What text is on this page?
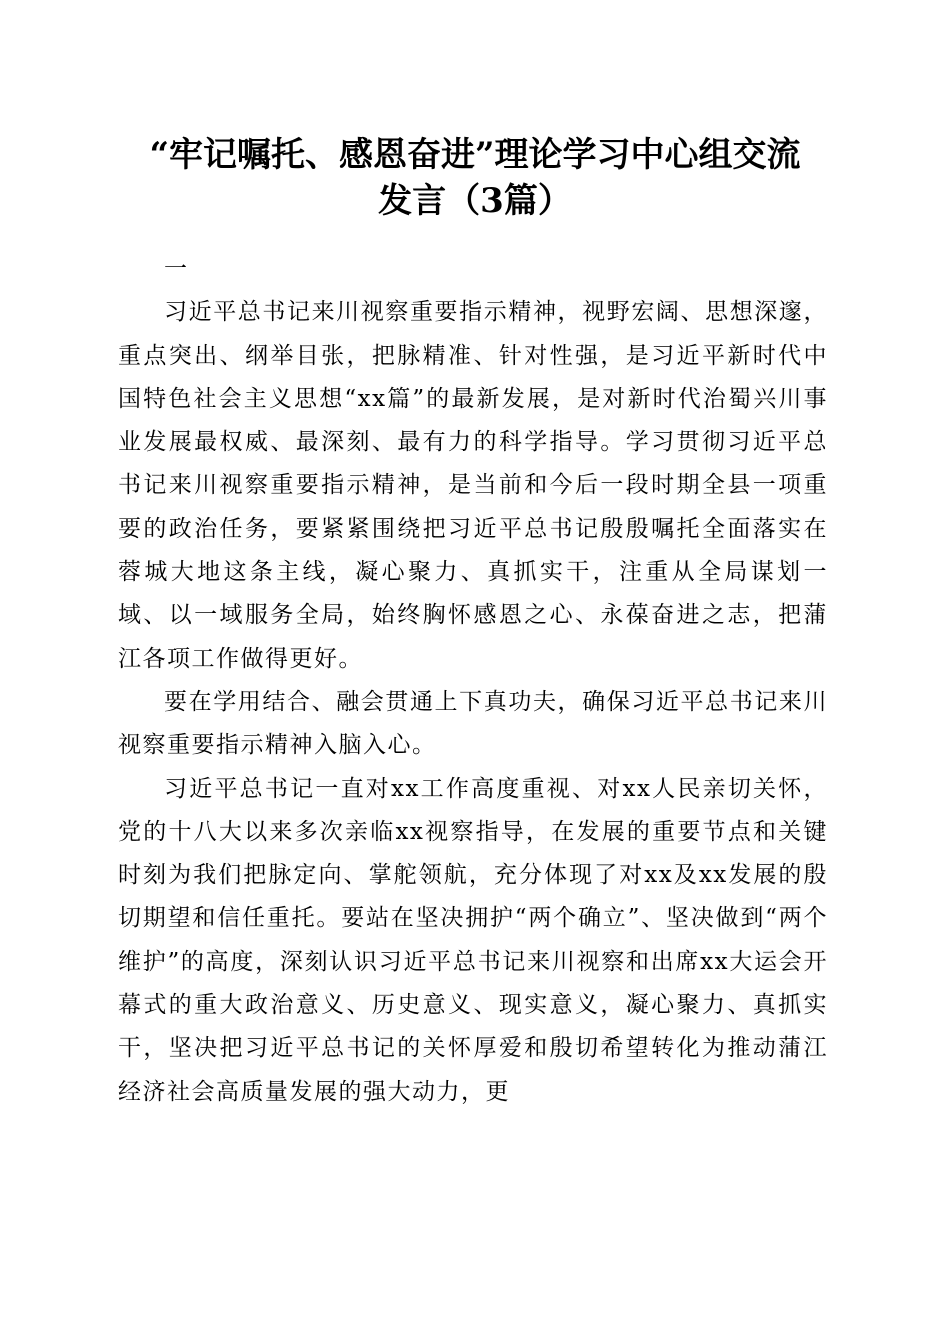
“牢记嘱托、感恩奋进”理论学习中心组交流
发言（3篇）

一

习近平总书记来川视察重要指示精神，视野宏阔、思想深邃，重点突出、纲举目张，把脉精准、针对性强，是习近平新时代中国特色社会主义思想“xx篇”的最新发展，是对新时代治蜀兴川事业发展最权威、最深刻、最有力的科学指导。学习贯彻习近平总书记来川视察重要指示精神，是当前和今后一段时期全县一项重要的政治任务，要紧紧围绕把习近平总书记殷殷嘱托全面落实在蓉城大地这条主线，凝心聚力、真抓实干，注重从全局谋划一域、以一域服务全局，始终胸怀感恩之心、永葆奋进之志，把蒲江各项工作做得更好。

要在学用结合、融会贯通上下真功夫，确保习近平总书记来川视察重要指示精神入脑入心。

习近平总书记一直对xx工作高度重视、对xx人民亲切关怀，党的十八大以来多次亲临xx视察指导，在发展的重要节点和关键时刻为我们把脉定向、掌舵领航，充分体现了对xx及xx发展的殷切期望和信任重托。要站在坚决拥护“两个确立”、坚决做到“两个维护”的高度，深刻认识习近平总书记来川视察和出席xx大运会开幕式的重大政治意义、历史意义、现实意义，凝心聚力、真抓实干，坚决把习近平总书记的关怀厚爱和殷切希望转化为推动蒲江经济社会高质量发展的强大动力，更
